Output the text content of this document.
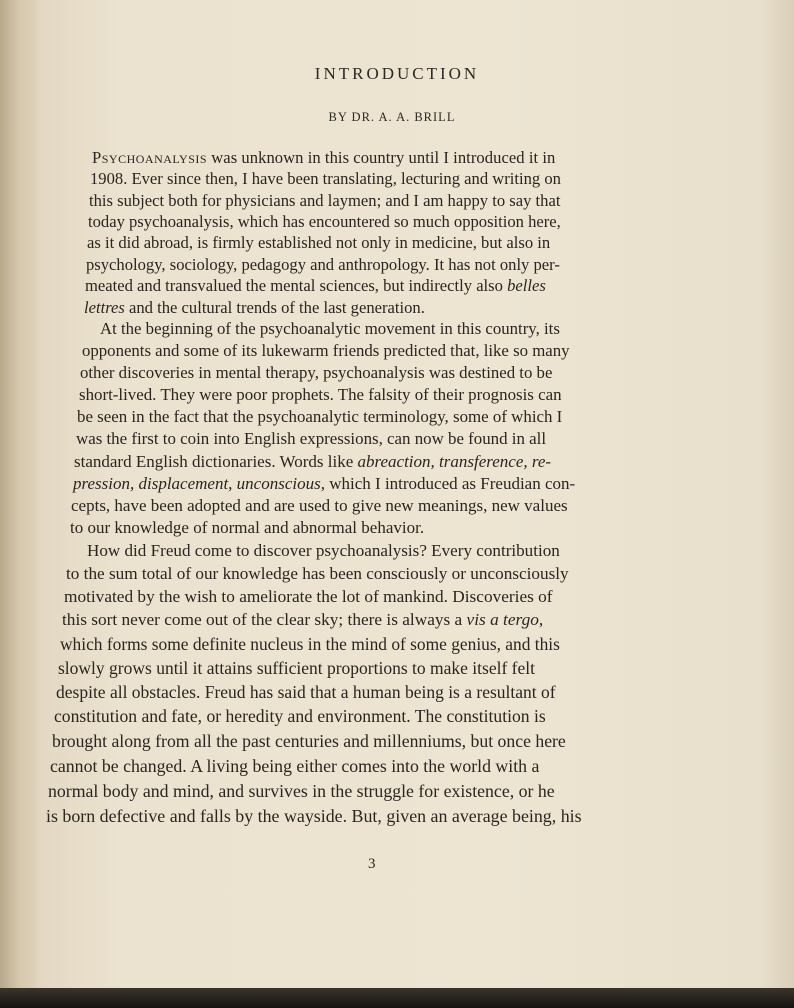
INTRODUCTION
BY DR. A. A. BRILL
Psychoanalysis was unknown in this country until I introduced it in
1908. Ever since then, I have been translating, lecturing and writing on
this subject both for physicians and laymen; and I am happy to say that
today psychoanalysis, which has encountered so much opposition here,
as it did abroad, is firmly established not only in medicine, but also in
psychology, sociology, pedagogy and anthropology. It has not only per-
meated and transvalued the mental sciences, but indirectly also belles
lettres and the cultural trends of the last generation.
At the beginning of the psychoanalytic movement in this country, its
opponents and some of its lukewarm friends predicted that, like so many
other discoveries in mental therapy, psychoanalysis was destined to be
short-lived. They were poor prophets. The falsity of their prognosis can
be seen in the fact that the psychoanalytic terminology, some of which I
was the first to coin into English expressions, can now be found in all
standard English dictionaries. Words like abreaction, transference, re-
pression, displacement, unconscious, which I introduced as Freudian con-
cepts, have been adopted and are used to give new meanings, new values
to our knowledge of normal and abnormal behavior.
How did Freud come to discover psychoanalysis? Every contribution
to the sum total of our knowledge has been consciously or unconsciously
motivated by the wish to ameliorate the lot of mankind. Discoveries of
this sort never come out of the clear sky; there is always a vis a tergo,
which forms some definite nucleus in the mind of some genius, and this
slowly grows until it attains sufficient proportions to make itself felt
despite all obstacles. Freud has said that a human being is a resultant of
constitution and fate, or heredity and environment. The constitution is
brought along from all the past centuries and millenniums, but once here
cannot be changed. A living being either comes into the world with a
normal body and mind, and survives in the struggle for existence, or he
is born defective and falls by the wayside. But, given an average being, his
3
